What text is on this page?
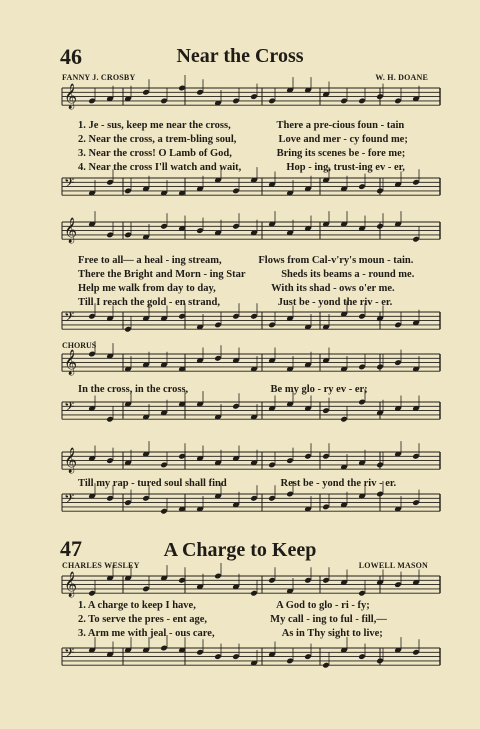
46	Near the Cross
FANNY J. CROSBY	W. H. DOANE
1. Je - sus, keep me near the cross,	There a pre-cious foun - tain
2. Near the cross, a trem-bling soul,	Love and mer - cy found me;
3. Near the cross! O Lamb of God,	Bring its scenes be - fore me;
4. Near the cross I'll watch and wait,	Hop - ing, trust-ing ev - er,
Free to all— a heal - ing stream,	Flows from Cal-v'ry's moun - tain.
There the Bright and Morn - ing Star	Sheds its beams a - round me.
Help me walk from day to day,	With its shad - ows o'er me.
Till I reach the gold - en strand,	Just be - yond the riv - er.
CHORUS
In the cross, in the cross,	Be my glo - ry ev - er;
Till my rap - tured soul shall find	Rest be - yond the riv - er.
47	A Charge to Keep
CHARLES WESLEY	LOWELL MASON
1. A charge to keep I have,	A God to glo - ri - fy;
2. To serve the pres - ent age,	My call - ing to ful - fill,—
3. Arm me with jeal - ous care,	As in Thy sight to live;
𝄞
𝄢
𝄞
𝄢
𝄞
𝄢
𝄞
𝄢
𝄞
𝄢
